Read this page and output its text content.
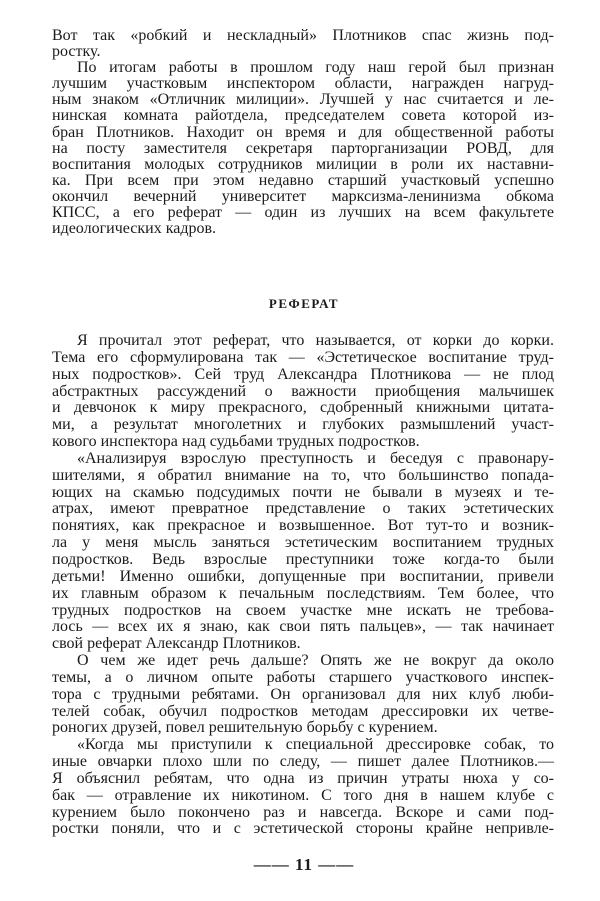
Вот так «робкий и нескладный» Плотников спас жизнь под-
ростку.
По итогам работы в прошлом году наш герой был признан
лучшим участковым инспектором области, награжден нагруд-
ным знаком «Отличник милиции». Лучшей у нас считается и ле-
нинская комната райотдела, председателем совета которой из-
бран Плотников. Находит он время и для общественной работы
на посту заместителя секретаря парторганизации РОВД, для
воспитания молодых сотрудников милиции в роли их наставни-
ка. При всем при этом недавно старший участковый успешно
окончил вечерний университет марксизма-ленинизма обкома
КПСС, а его реферат — один из лучших на всем факультете
идеологических кадров.
РЕФЕРАТ
Я прочитал этот реферат, что называется, от корки до корки.
Тема его сформулирована так — «Эстетическое воспитание труд-
ных подростков». Сей труд Александра Плотникова — не плод
абстрактных рассуждений о важности приобщения мальчишек
и девчонок к миру прекрасного, сдобренный книжными цитата-
ми, а результат многолетних и глубоких размышлений участ-
кового инспектора над судьбами трудных подростков.
«Анализируя взрослую преступность и беседуя с правонару-
шителями, я обратил внимание на то, что большинство попада-
ющих на скамью подсудимых почти не бывали в музеях и те-
атрах, имеют превратное представление о таких эстетических
понятиях, как прекрасное и возвышенное. Вот тут-то и возник-
ла у меня мысль заняться эстетическим воспитанием трудных
подростков. Ведь взрослые преступники тоже когда-то были
детьми! Именно ошибки, допущенные при воспитании, привели
их главным образом к печальным последствиям. Тем более, что
трудных подростков на своем участке мне искать не требова-
лось — всех их я знаю, как свои пять пальцев», — так начинает
свой реферат Александр Плотников.
О чем же идет речь дальше? Опять же не вокруг да около
темы, а о личном опыте работы старшего участкового инспек-
тора с трудными ребятами. Он организовал для них клуб люби-
телей собак, обучил подростков методам дрессировки их четве-
роногих друзей, повел решительную борьбу с курением.
«Когда мы приступили к специальной дрессировке собак, то
иные овчарки плохо шли по следу, — пишет далее Плотников.—
Я объяснил ребятам, что одна из причин утраты нюха у со-
бак — отравление их никотином. С того дня в нашем клубе с
курением было покончено раз и навсегда. Вскоре и сами под-
ростки поняли, что и с эстетической стороны крайне непривле-
—— 11 ——
